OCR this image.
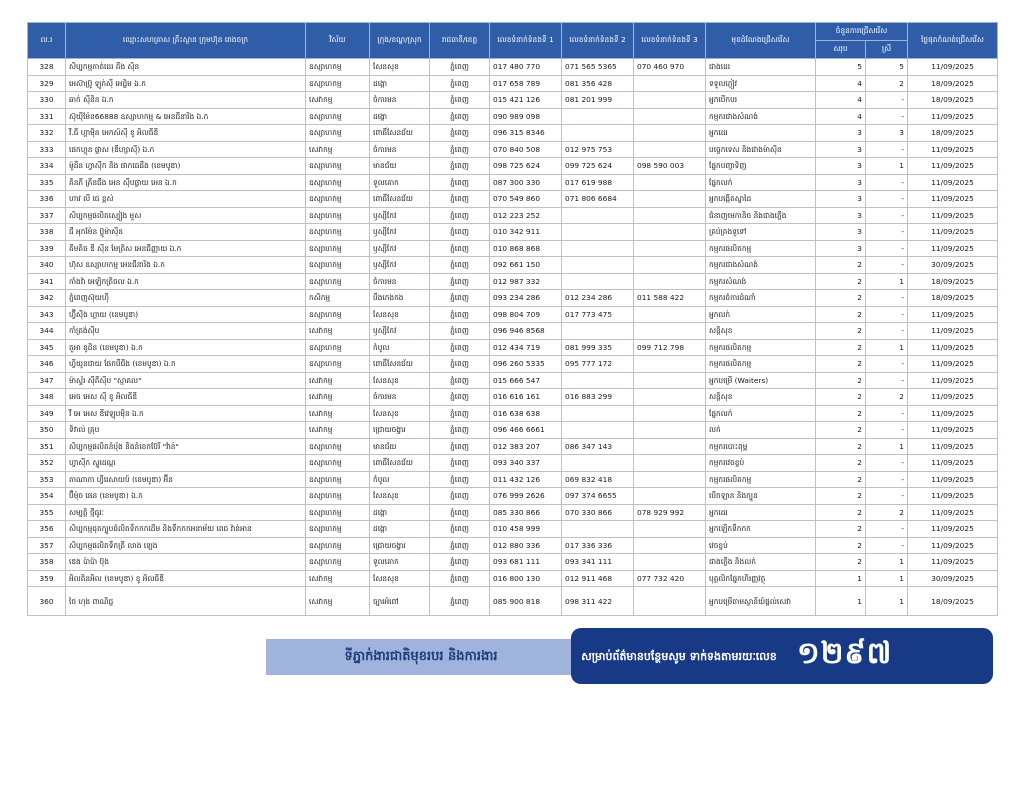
ល.រ	ឈ្មោះសហគ្រាស គ្រឹះស្ថាន ក្រុមហ៊ុន រោងចក្រ	វិស័យ	ក្រុង/ខណ្ឌ/ស្រុក	រាជធានី/ខេត្ត	លេខទំនាក់ទំនងទី 1	លេខទំនាក់ទំនងទី 2	លេខទំនាក់ទំនងទី 3	មុខដំណែងជ្រើសរើស	ចំនួនការជ្រើសរើស		ថ្ងៃផុតកំណត់ជ្រើសរើស
									សរុប	ស្រី	
328	សិប្បកម្មកាត់ដេរ គីង ស៊ិន	ឧស្សាហកម្ម	សែនសុខ	ភ្នំពេញ	017 480 770	071 565 5365	070 460 970	ជាងដេរ	5	5	11/09/2025
329	អេស៊ាប្រ៊ូ ឡូក់ស៊ី អេដ្ឋិម ឯ.ក	ឧស្សាហកម្ម	ដង្កោ	ភ្នំពេញ	017 658 789	081 356 428		ទទួលភ្ញៀវ	4	2	18/09/2025
330	ឆាក់ ស៊ីនិន ឯ.ក	សេវាកម្ម	ចំការមន	ភ្នំពេញ	015 421 126	081 201 999		អ្នកបើកបរ	4	-	18/09/2025
331	ស៊ុយ៉ីម៉ែន66888 ឧស្សាហកម្ម & អេនជីនារិង ឯ.ក	ឧស្សាហកម្ម	ដង្កោ	ភ្នំពេញ	090 989 098			កម្មករជាងសំណង់	4	-	11/09/2025
332	វី.ធី ហ្គាម៉ិន អេកស៍ស៊ី ខូ អិលធីឌី	ឧស្សាហកម្ម	ពោធិ៍សែនជ័យ	ភ្នំពេញ	096 315 8346			អ្នកដេរ	3	3	18/09/2025
333	ផេកហ្គុន ផ្លាស (ឌីហ្សាស៊ី) ឯ.ក	សេវាកម្ម	ចំការមន	ភ្នំពេញ	070 840 508	012 975 753		បច្ចេកទេស និងជាងម៉ាស៊ីន	3	-	11/09/2025
334	ម៉ូដឹន ហ្វាស៊ីក និង ផាកធេដឹង (ខេមបូឌា)	ឧស្សាហកម្ម	មានជ័យ	ភ្នំពេញ	098 725 624	099 725 624	098 590 003	ផ្នែកបញ្ជាទិញ	3	1	11/09/2025
335	គិនភី គ្រីនជីង អេន ស៊ីបផ្លាយ អេន ឯ.ក	ឧស្សាហកម្ម	ទួលគោក	ភ្នំពេញ	087 300 330	017 619 988		ផ្នែកលក់	3	-	11/09/2025
336	ហាវ លី ជេ ខ្ពស់	ឧស្សាហកម្ម	ពោធិ៍សែនជ័យ	ភ្នំពេញ	070 549 860	071 806 6684		អ្នកបង្កើតស្នាដៃ	3	-	11/09/2025
337	សិប្បកម្មផលិតស្បៀង មួស	ឧស្សាហកម្ម	ឫស្សីកែវ	ភ្នំពេញ	012 223 252			ជំនាញមេកានិច និងជាងភ្លើង	3	-	11/09/2025
338	ជី អុកម៉ែន ប៊្លូម៉ាស៊ីន	ឧស្សាហកម្ម	ឫស្សីកែវ	ភ្នំពេញ	010 342 911			គ្រប់គ្រងទូទៅ	3	-	11/09/2025
339	គីមគិច ឌី ស៊ីន មែត្រិស អេនជីញ្ញាយ ឯ.ក	ឧស្សាហកម្ម	ឫស្សីកែវ	ភ្នំពេញ	010 868 868			កម្មករផលិតកម្ម	3	-	11/09/2025
340	ហ៊ុស ឧស្សាហកម្ម អេនជីនារិង ឯ.ក	ឧស្សាហកម្ម	ឫស្សីកែវ	ភ្នំពេញ	092 661 150			កម្មករជាងសំណង់	2	-	30/09/2025
341	កាំងវ៉ា អេឡិកត្រិចល ឯ.ក	ឧស្សាហកម្ម	ចំការមន	ភ្នំពេញ	012 987 332			កម្មករសំណង់	2	1	18/09/2025
342	ភ្នំពេញស៊ុយហ៊ី	កសិកម្ម	បឹងកេងកង	ភ្នំពេញ	093 234 286	012 234 286	011 588 422	កម្មករចំការដំណាំ	2	-	18/09/2025
343	ហ្វ៊ឺស៊ីង ហ្គាយ (ខេមបូឌា)	ឧស្សាហកម្ម	សែនសុខ	ភ្នំពេញ	098 804 709	017 773 475		អ្នកលក់	2	-	11/09/2025
344	កាំត្រង់ស៊ីប	សេវាកម្ម	ឫស្សីកែវ	ភ្នំពេញ	096 946 8568			សន្តិសុខ	2	-	11/09/2025
345	តួអា ខូដិន (ខេមបូឌា) ឯ.ក	ឧស្សាហកម្ម	កំបូល	ភ្នំពេញ	012 434 719	081 999 335	099 712 798	កម្មករផលិតកម្ម	2	1	11/09/2025
346	ហ្វីយូនជាយ ផែកបឺជីង (ខេមបូឌា) ឯ.ក	ឧស្សាហកម្ម	ពោធិ៍សែនជ័យ	ភ្នំពេញ	096 260 5335	095 777 172		កម្មករផលិតកម្ម	2	-	11/09/2025
347	ម៉ាស្ទ័រ ស៊ីគីស៊ីប "ស្មាគល"	សេវាកម្ម	សែនសុខ	ភ្នំពេញ	015 666 547			អ្នកបម្រើ (Waiters)	2	-	11/09/2025
348	អេច អេស ស៊ី ខូ អិលធីឌី	សេវាកម្ម	ចំការមន	ភ្នំពេញ	016 616 161	016 883 299		សន្តិសុខ	2	2	11/09/2025
349	វី អេ អេស ឌីវេឡុបម៉ិន ឯ.ក	សេវាកម្ម	សែនសុខ	ភ្នំពេញ	016 638 638			ផ្នែកលក់	2	-	11/09/2025
350	ទិវាល់ គ្រុប	សេវាកម្ម	ជ្រោយចង្វារ	ភ្នំពេញ	096 466 6661			លក់	2	-	11/09/2025
351	សិប្បកម្មផលិតនំបុ័ង និងនំខេកប៊ែរី "វ៉ាន់"	ឧស្សាហកម្ម	មានជ័យ	ភ្នំពេញ	012 383 207	086 347 143		កម្មករបោះពុម្ព	2	1	11/09/2025
352	ហ្វាស៊ីក ស្ទូដេណ្ដ	ឧស្សាហកម្ម	ពោធិ៍សែនជ័យ	ភ្នំពេញ	093 340 337			កម្មករវេចខ្ចប់	2	-	11/09/2025
353	តាណាកា ហ្វីរេសាយប៍ (ខេមបូឌា) អ៊ីន	ឧស្សាហកម្ម	កំបូល	ភ្នំពេញ	011 432 126	069 832 418		កម្មករផលិតកម្ម	2	-	11/09/2025
354	ប៊ីម៉ុច ផេន (ខេមបូឌា) ឯ.ក	ឧស្សាហកម្ម	សែនសុខ	ភ្នំពេញ	076 999 2626	097 374 6655		បើកឡាន និងក្បួន	2	-	11/09/2025
355	សម្បត្តិ ថ្មីធូរៈ	ឧស្សាហកម្ម	ដង្កោ	ភ្នំពេញ	085 330 866	070 330 866	078 929 992	អ្នកដេរ	2	2	11/09/2025
356	សិប្បកម្មដុតក្បួបដំលិតទឹកកកដើម និងទឹកកកអនាម័យ ពេជ វ៉ាន់អាន	ឧស្សាហកម្ម	ដង្កោ	ភ្នំពេញ	010 458 999			អ្នកឡើកទឹកកក	2	-	11/09/2025
357	សិប្បកម្មផលិតទឹកត្រី លាង ឡេង	ឧស្សាហកម្ម	ជ្រោយចង្វារ	ភ្នំពេញ	012 880 336	017 336 336		វេចខ្ចប់	2	-	11/09/2025
358	ឌេង ប៉ាប៉ា ប៊ុង	ឧស្សាហកម្ម	ទួលគោក	ភ្នំពេញ	093 681 111	093 341 111		ជាងភ្លើង និងលក់	2	1	11/09/2025
359	អិលគិនអិល (ខេមបូឌា) ខូ អិលធីឌី	សេវាកម្ម	សែនសុខ	ភ្នំពេញ	016 800 130	012 911 468	077 732 420	បុគ្គលិកផ្នែកហិរញ្ញវត្ថុ	1	1	30/09/2025
360	ថៃ ហុង ពាណិជ្ជ	សេវាកម្ម	ច្បារអំពៅ	ភ្នំពេញ	085 900 818	098 311 422		អ្នកបម្រើតាមស្ថានីយ៍ផ្ដល់សេវា	1	1	18/09/2025
ទីភ្នាក់ងារជាតិមុខរបរ និងការងារ	សម្រាប់ព័ត៌មានបន្ថែមសូម ទាក់ទងតាមរយៈលេខ ១២៩៧
